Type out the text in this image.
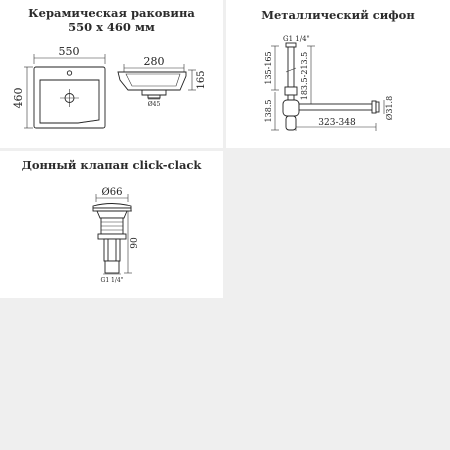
Керамическая раковина
550 х 460 мм
550
460
280
165
Ø45
Металлический сифон
G1 1/4"
135-165
138.5
183.5-213.5
Ø31.8
323-348
Донный клапан click-clack
Ø66
90
G1 1/4"
